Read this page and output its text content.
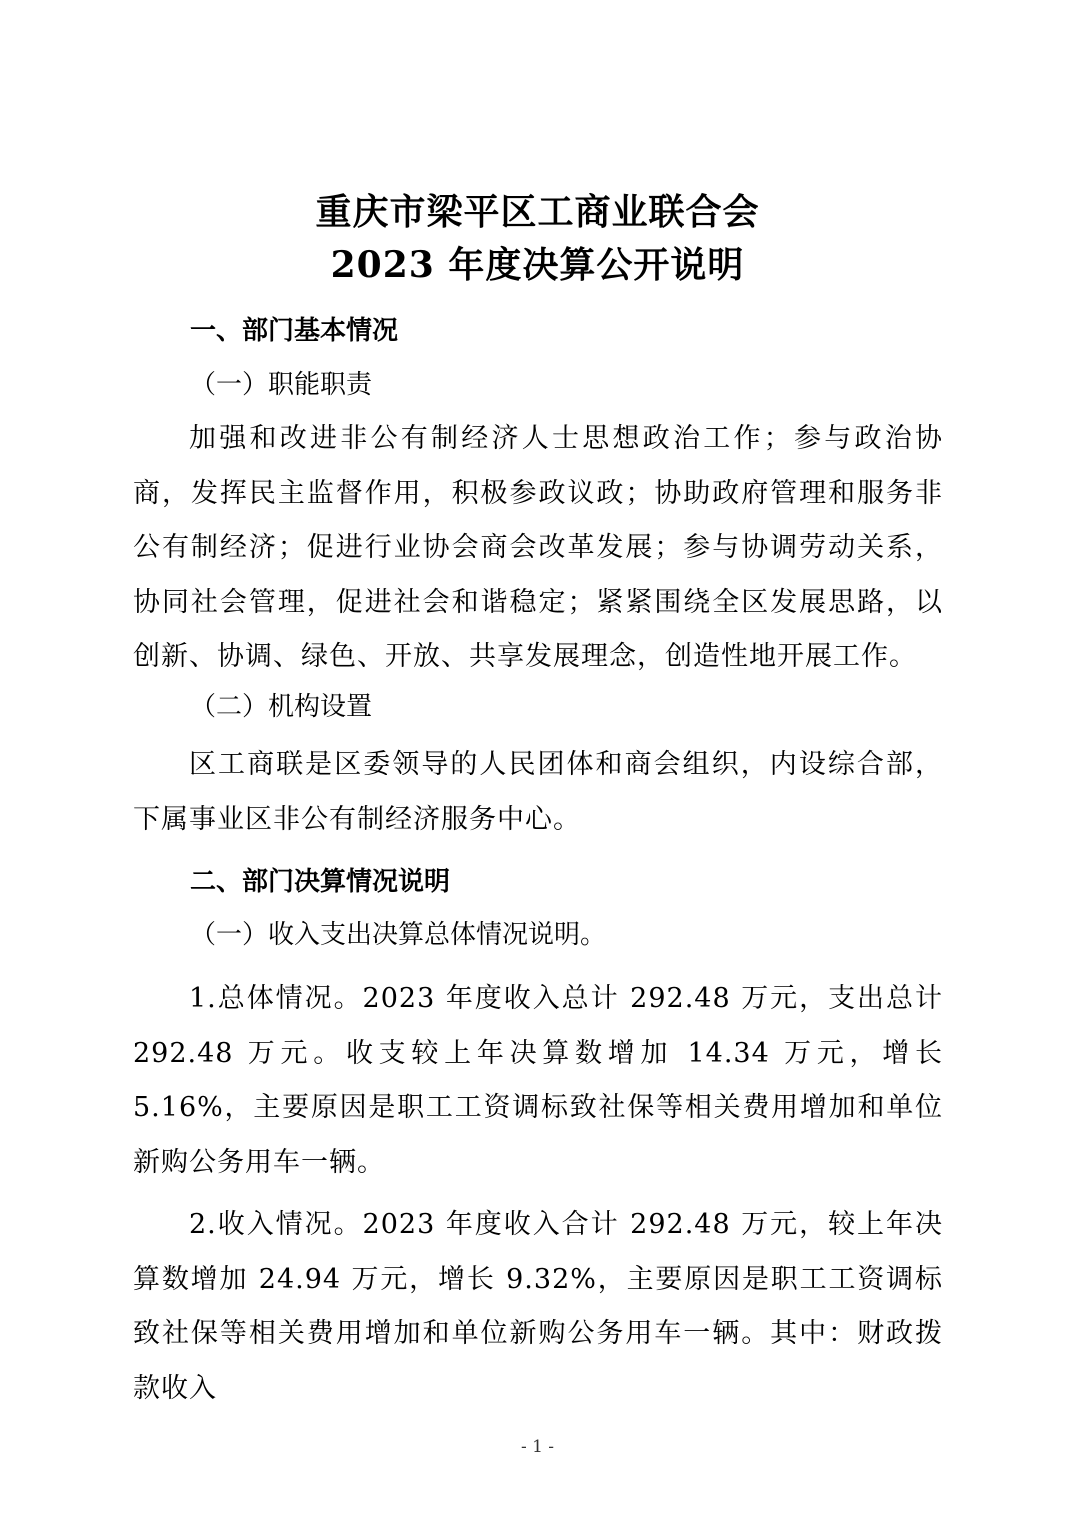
重庆市梁平区工商业联合会
2023 年度决算公开说明
一、部门基本情况
（一）职能职责
加强和改进非公有制经济人士思想政治工作；参与政治协商，发挥民主监督作用，积极参政议政；协助政府管理和服务非公有制经济；促进行业协会商会改革发展；参与协调劳动关系，协同社会管理，促进社会和谐稳定；紧紧围绕全区发展思路，以创新、协调、绿色、开放、共享发展理念，创造性地开展工作。
（二）机构设置
区工商联是区委领导的人民团体和商会组织，内设综合部，下属事业区非公有制经济服务中心。
二、部门决算情况说明
（一）收入支出决算总体情况说明。
1.总体情况。2023 年度收入总计 292.48 万元，支出总计 292.48 万元。收支较上年决算数增加 14.34 万元，增长 5.16%，主要原因是职工工资调标致社保等相关费用增加和单位新购公务用车一辆。
2.收入情况。2023 年度收入合计 292.48 万元，较上年决算数增加 24.94 万元，增长 9.32%，主要原因是职工工资调标致社保等相关费用增加和单位新购公务用车一辆。其中：财政拨款收入
- 1 -
